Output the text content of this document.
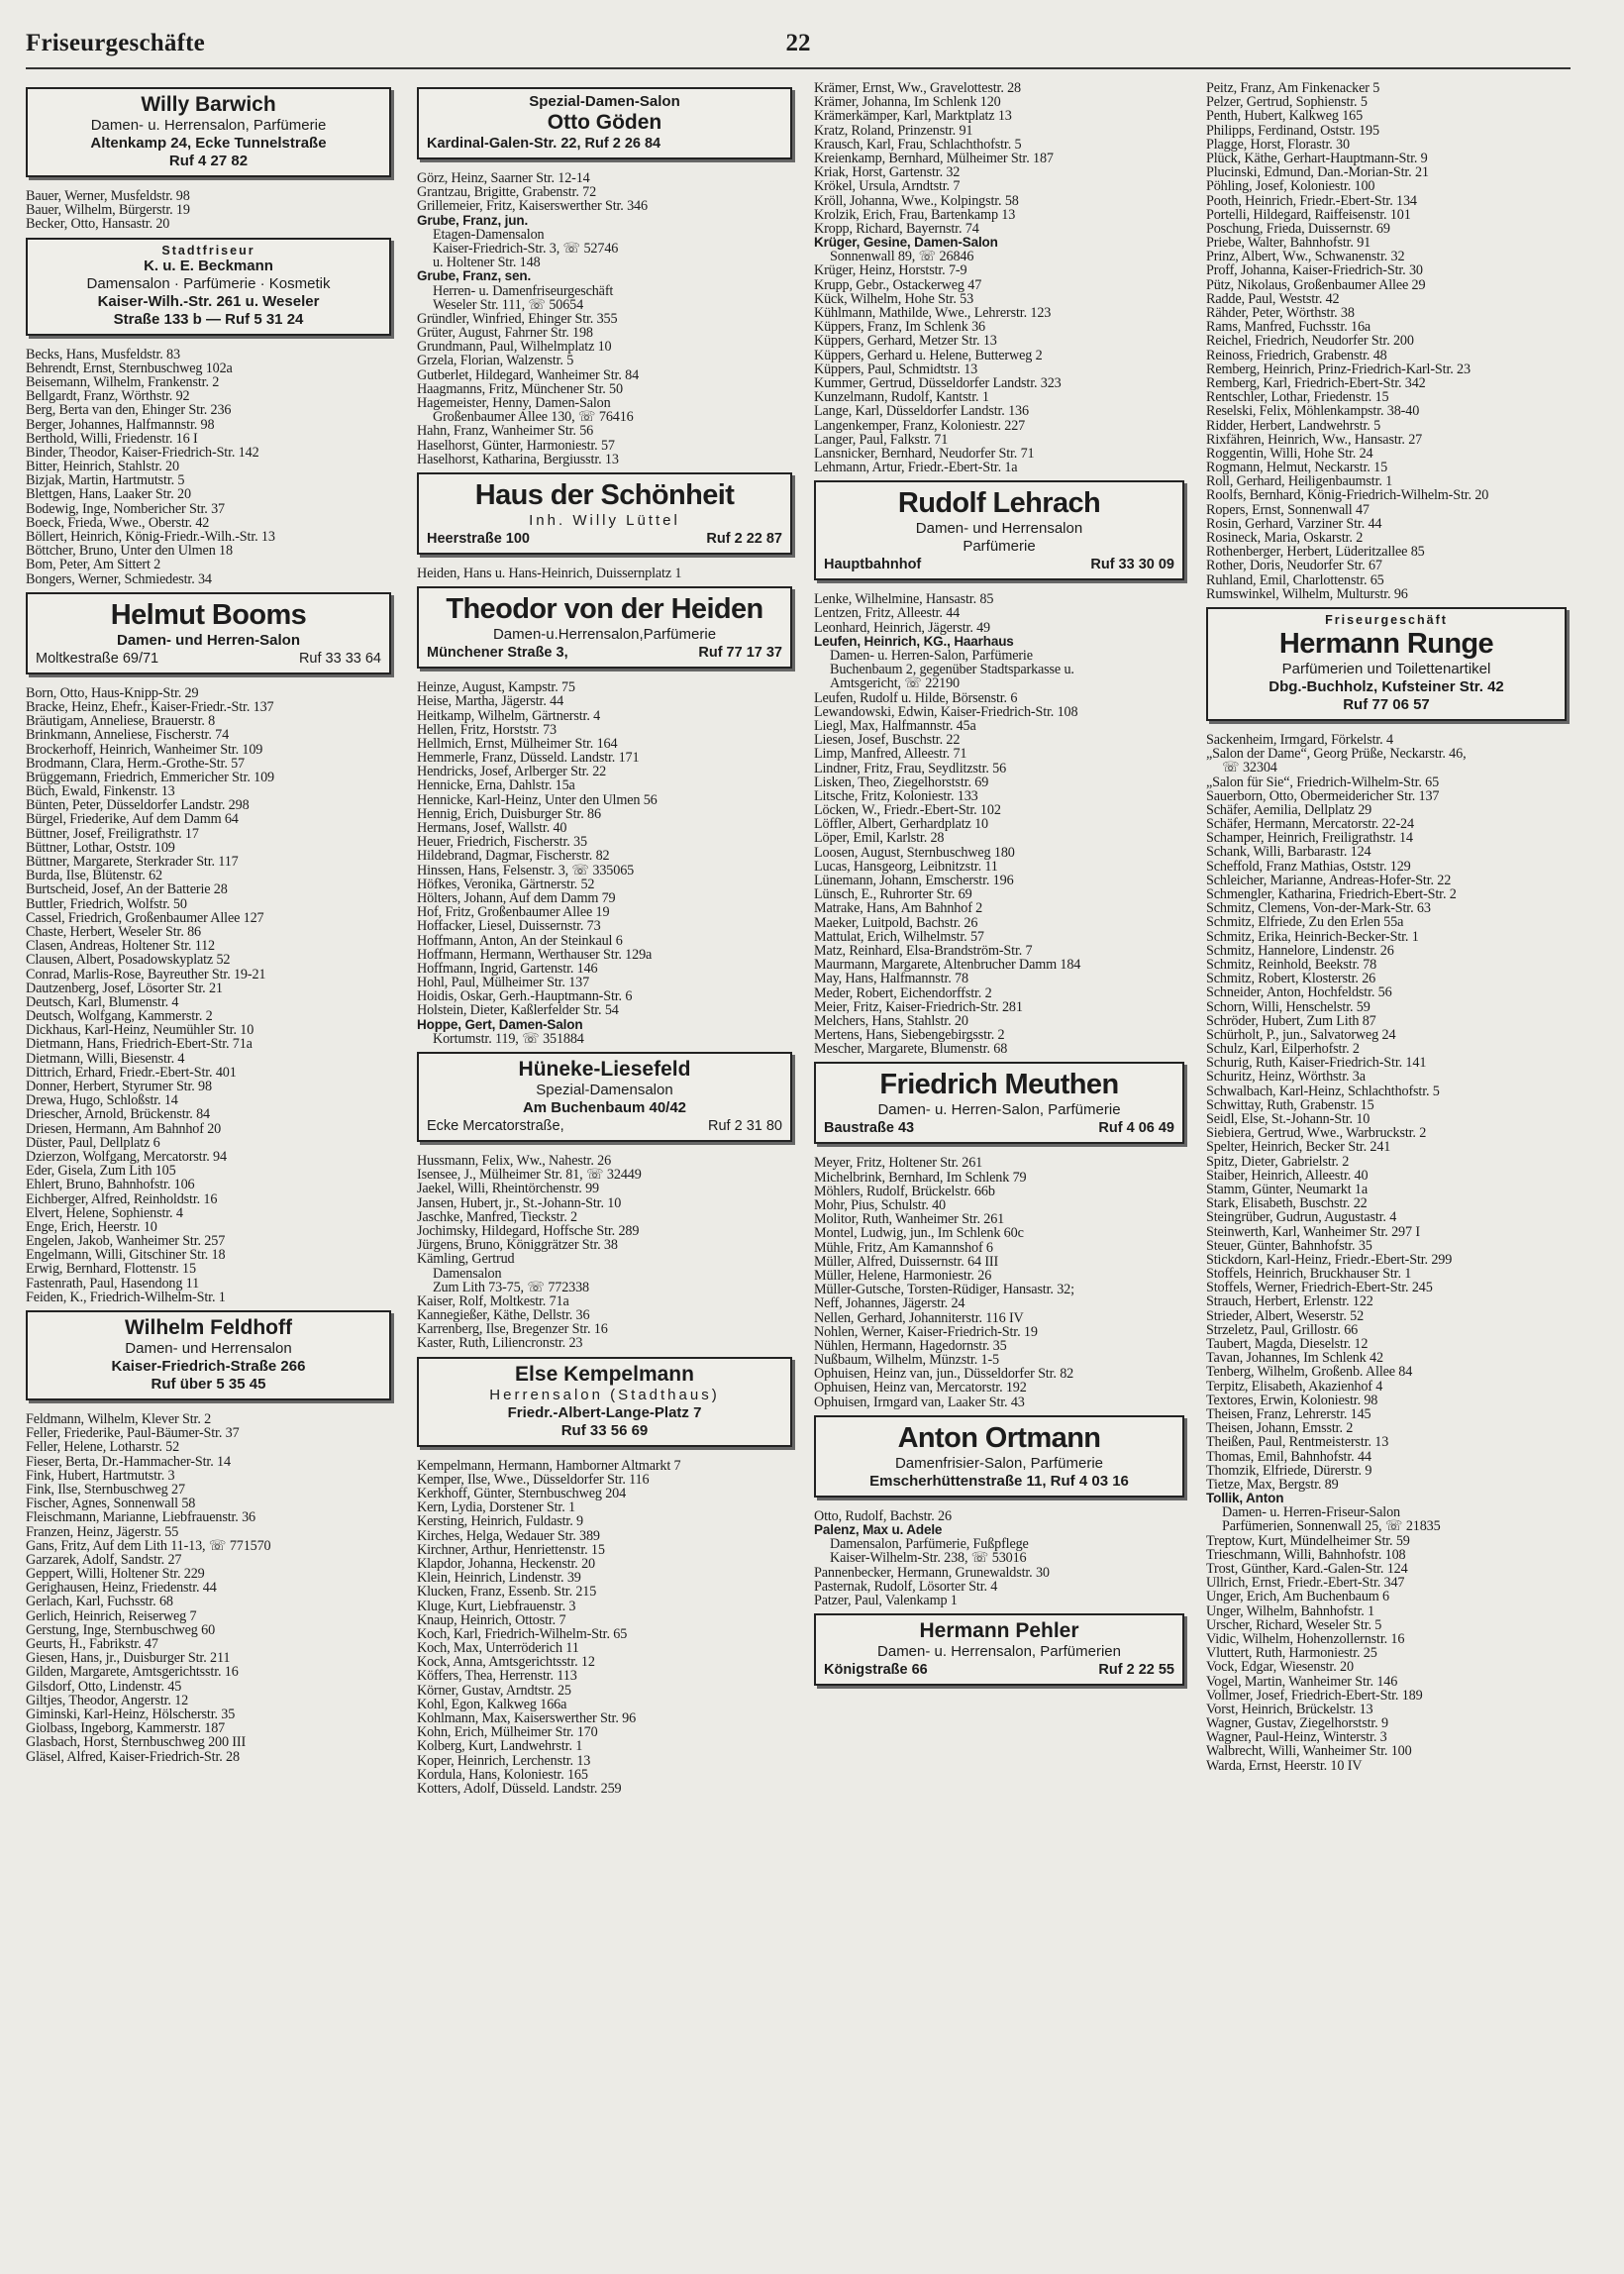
Friseurgeschäfte	22
Willy Barwich
Damen- u. Herrensalon, Parfümerie
Altenkamp 24, Ecke Tunnelstraße
Ruf 4 27 82
Bauer, Werner, Musfeldstr. 98
Bauer, Wilhelm, Bürgerstr. 19
Becker, Otto, Hansastr. 20
Stadtfriseur
K. u. E. Beckmann
Damensalon · Parfümerie · Kosmetik
Kaiser-Wilh.-Str. 261 u. Weseler
Straße 133 b — Ruf 5 31 24
Becks, Hans, Musfeldstr. 83
Behrendt, Ernst, Sternbuschweg 102a
Beisemann, Wilhelm, Frankenstr. 2
Bellgardt, Franz, Wörthstr. 92
Berg, Berta van den, Ehinger Str. 236
Berger, Johannes, Halfmannstr. 98
Berthold, Willi, Friedenstr. 16 I
Binder, Theodor, Kaiser-Friedrich-Str. 142
Bitter, Heinrich, Stahlstr. 20
Bizjak, Martin, Hartmutstr. 5
Blettgen, Hans, Laaker Str. 20
Bodewig, Inge, Nombericher Str. 37
Boeck, Frieda, Wwe., Oberstr. 42
Böllert, Heinrich, König-Friedr.-Wilh.-Str. 13
Böttcher, Bruno, Unter den Ulmen 18
Bom, Peter, Am Sittert 2
Bongers, Werner, Schmiedestr. 34
Helmut Booms
Damen- und Herren-Salon
Moltkestraße 69/71	Ruf 33 33 64
Born, Otto, Haus-Knipp-Str. 29
Bracke, Heinz, Ehefr., Kaiser-Friedr.-Str. 137
Bräutigam, Anneliese, Brauerstr. 8
Brinkmann, Anneliese, Fischerstr. 74
Brockerhoff, Heinrich, Wanheimer Str. 109
Brodmann, Clara, Herm.-Grothe-Str. 57
Brüggemann, Friedrich, Emmericher Str. 109
Büch, Ewald, Finkenstr. 13
Bünten, Peter, Düsseldorfer Landstr. 298
Bürgel, Friederike, Auf dem Damm 64
Büttner, Josef, Freiligrathstr. 17
Büttner, Lothar, Oststr. 109
Büttner, Margarete, Sterkrader Str. 117
Burda, Ilse, Blütenstr. 62
Burtscheid, Josef, An der Batterie 28
Buttler, Friedrich, Wolfstr. 50
Cassel, Friedrich, Großenbaumer Allee 127
Chaste, Herbert, Weseler Str. 86
Clasen, Andreas, Holtener Str. 112
Clausen, Albert, Posadowskyplatz 52
Conrad, Marlis-Rose, Bayreuther Str. 19-21
Dautzenberg, Josef, Lösorter Str. 21
Deutsch, Karl, Blumenstr. 4
Deutsch, Wolfgang, Kammerstr. 2
Dickhaus, Karl-Heinz, Neumühler Str. 10
Dietmann, Hans, Friedrich-Ebert-Str. 71a
Dietmann, Willi, Biesenstr. 4
Dittrich, Erhard, Friedr.-Ebert-Str. 401
Donner, Herbert, Styrumer Str. 98
Drewa, Hugo, Schloßstr. 14
Driescher, Arnold, Brückenstr. 84
Driesen, Hermann, Am Bahnhof 20
Düster, Paul, Dellplatz 6
Dzierzon, Wolfgang, Mercatorstr. 94
Eder, Gisela, Zum Lith 105
Ehlert, Bruno, Bahnhofstr. 106
Eichberger, Alfred, Reinholdstr. 16
Elvert, Helene, Sophienstr. 4
Enge, Erich, Heerstr. 10
Engelen, Jakob, Wanheimer Str. 257
Engelmann, Willi, Gitschiner Str. 18
Erwig, Bernhard, Flottenstr. 15
Fastenrath, Paul, Hasendong 11
Feiden, K., Friedrich-Wilhelm-Str. 1
Wilhelm Feldhoff
Damen- und Herrensalon
Kaiser-Friedrich-Straße 266
Ruf über 5 35 45
Feldmann, Wilhelm, Klever Str. 2
Feller, Friederike, Paul-Bäumer-Str. 37
Feller, Helene, Lotharstr. 52
Fieser, Berta, Dr.-Hammacher-Str. 14
Fink, Hubert, Hartmutstr. 3
Fink, Ilse, Sternbuschweg 27
Fischer, Agnes, Sonnenwall 58
Fleischmann, Marianne, Liebfrauenstr. 36
Franzen, Heinz, Jägerstr. 55
Gans, Fritz, Auf dem Lith 11-13, ☏ 771570
Garzarek, Adolf, Sandstr. 27
Geppert, Willi, Holtener Str. 229
Gerighausen, Heinz, Friedenstr. 44
Gerlach, Karl, Fuchsstr. 68
Gerlich, Heinrich, Reiserweg 7
Gerstung, Inge, Sternbuschweg 60
Geurts, H., Fabrikstr. 47
Giesen, Hans, jr., Duisburger Str. 211
Gilden, Margarete, Amtsgerichtsstr. 16
Gilsdorf, Otto, Lindenstr. 45
Giltjes, Theodor, Angerstr. 12
Giminski, Karl-Heinz, Hölscherstr. 35
Giolbass, Ingeborg, Kammerstr. 187
Glasbach, Horst, Sternbuschweg 200 III
Gläsel, Alfred, Kaiser-Friedrich-Str. 28
Spezial-Damen-Salon
Otto Göden
Kardinal-Galen-Str. 22, Ruf 2 26 84
Görz, Heinz, Saarner Str. 12-14
Grantzau, Brigitte, Grabenstr. 72
Grillemeier, Fritz, Kaiserswerther Str. 346
Grube, Franz, jun.
Etagen-Damensalon
Kaiser-Friedrich-Str. 3, ☏ 52746
u. Holtener Str. 148
Grube, Franz, sen.
Herren- u. Damenfriseurgeschäft
Weseler Str. 111, ☏ 50654
Gründler, Winfried, Ehinger Str. 355
Grüter, August, Fahrner Str. 198
Grundmann, Paul, Wilhelmplatz 10
Grzela, Florian, Walzenstr. 5
Gutberlet, Hildegard, Wanheimer Str. 84
Haagmanns, Fritz, Münchener Str. 50
Hagemeister, Henny, Damen-Salon
Großenbaumer Allee 130, ☏ 76416
Hahn, Franz, Wanheimer Str. 56
Haselhorst, Günter, Harmoniestr. 57
Haselhorst, Katharina, Bergiusstr. 13
Haus der Schönheit
Inh. Willy Lüttel
Heerstraße 100	Ruf 2 22 87
Heiden, Hans u. Hans-Heinrich, Duissernplatz 1
Theodor von der Heiden
Damen-u.Herrensalon,Parfümerie
Münchener Straße 3,	Ruf 77 17 37
Heinze, August, Kampstr. 75
Heise, Martha, Jägerstr. 44
Heitkamp, Wilhelm, Gärtnerstr. 4
Hellen, Fritz, Horststr. 73
Hellmich, Ernst, Mülheimer Str. 164
Hemmerle, Franz, Düsseld. Landstr. 171
Hendricks, Josef, Arlberger Str. 22
Hennicke, Erna, Dahlstr. 15a
Hennicke, Karl-Heinz, Unter den Ulmen 56
Hennig, Erich, Duisburger Str. 86
Hermans, Josef, Wallstr. 40
Heuer, Friedrich, Fischerstr. 35
Hildebrand, Dagmar, Fischerstr. 82
Hinssen, Hans, Felsenstr. 3, ☏ 335065
Höfkes, Veronika, Gärtnerstr. 52
Hölters, Johann, Auf dem Damm 79
Hof, Fritz, Großenbaumer Allee 19
Hoffacker, Liesel, Duissernstr. 73
Hoffmann, Anton, An der Steinkaul 6
Hoffmann, Hermann, Werthauser Str. 129a
Hoffmann, Ingrid, Gartenstr. 146
Hohl, Paul, Mülheimer Str. 137
Hoidis, Oskar, Gerh.-Hauptmann-Str. 6
Holstein, Dieter, Kaßlerfelder Str. 54
Hoppe, Gert, Damen-Salon
Kortumstr. 119, ☏ 351884
Hüneke-Liesefeld
Spezial-Damensalon
Am Buchenbaum 40/42
Ecke Mercatorstraße,	Ruf 2 31 80
Hussmann, Felix, Ww., Nahestr. 26
Isensee, J., Mülheimer Str. 81, ☏ 32449
Jaekel, Willi, Rheintörchenstr. 99
Jansen, Hubert, jr., St.-Johann-Str. 10
Jaschke, Manfred, Tieckstr. 2
Jochimsky, Hildegard, Hoffsche Str. 289
Jürgens, Bruno, Königgrätzer Str. 38
Kämling, Gertrud
Damensalon
Zum Lith 73-75, ☏ 772338
Kaiser, Rolf, Moltkestr. 71a
Kannegießer, Käthe, Dellstr. 36
Karrenberg, Ilse, Bregenzer Str. 16
Kaster, Ruth, Liliencronstr. 23
Else Kempelmann
Herrensalon (Stadthaus)
Friedr.-Albert-Lange-Platz 7
Ruf 33 56 69
Kempelmann, Hermann, Hamborner Altmarkt 7
Kemper, Ilse, Wwe., Düsseldorfer Str. 116
Kerkhoff, Günter, Sternbuschweg 204
Kern, Lydia, Dorstener Str. 1
Kersting, Heinrich, Fuldastr. 9
Kirches, Helga, Wedauer Str. 389
Kirchner, Arthur, Henriettenstr. 15
Klapdor, Johanna, Heckenstr. 20
Klein, Heinrich, Lindenstr. 39
Klucken, Franz, Essenb. Str. 215
Kluge, Kurt, Liebfrauenstr. 3
Knaup, Heinrich, Ottostr. 7
Koch, Karl, Friedrich-Wilhelm-Str. 65
Koch, Max, Unterröderich 11
Kock, Anna, Amtsgerichtsstr. 12
Köffers, Thea, Herrenstr. 113
Körner, Gustav, Arndtstr. 25
Kohl, Egon, Kalkweg 166a
Kohlmann, Max, Kaiserswerther Str. 96
Kohn, Erich, Mülheimer Str. 170
Kolberg, Kurt, Landwehrstr. 1
Koper, Heinrich, Lerchenstr. 13
Kordula, Hans, Koloniestr. 165
Kotters, Adolf, Düsseld. Landstr. 259
Krämer, Ernst, Ww., Gravelottestr. 28
Krämer, Johanna, Im Schlenk 120
Krämerkämper, Karl, Marktplatz 13
Kratz, Roland, Prinzenstr. 91
Krausch, Karl, Frau, Schlachthofstr. 5
Kreienkamp, Bernhard, Mülheimer Str. 187
Kriak, Horst, Gartenstr. 32
Krökel, Ursula, Arndtstr. 7
Kröll, Johanna, Wwe., Kolpingstr. 58
Krolzik, Erich, Frau, Bartenkamp 13
Kropp, Richard, Bayernstr. 74
Krüger, Gesine, Damen-Salon
Sonnenwall 89, ☏ 26846
Krüger, Heinz, Horststr. 7-9
Krupp, Gebr., Ostackerweg 47
Kück, Wilhelm, Hohe Str. 53
Kühlmann, Mathilde, Wwe., Lehrerstr. 123
Küppers, Franz, Im Schlenk 36
Küppers, Gerhard, Metzer Str. 13
Küppers, Gerhard u. Helene, Butterweg 2
Küppers, Paul, Schmidtstr. 13
Kummer, Gertrud, Düsseldorfer Landstr. 323
Kunzelmann, Rudolf, Kantstr. 1
Lange, Karl, Düsseldorfer Landstr. 136
Langenkemper, Franz, Koloniestr. 227
Langer, Paul, Falkstr. 71
Lansnicker, Bernhard, Neudorfer Str. 71
Lehmann, Artur, Friedr.-Ebert-Str. 1a
Rudolf Lehrach
Damen- und Herrensalon
Parfümerie
Hauptbahnhof	Ruf 33 30 09
Lenke, Wilhelmine, Hansastr. 85
Lentzen, Fritz, Alleestr. 44
Leonhard, Heinrich, Jägerstr. 49
Leufen, Heinrich, KG., Haarhaus
Damen- u. Herren-Salon, Parfümerie
Buchenbaum 2, gegenüber Stadtsparkasse u.
Amtsgericht, ☏ 22190
Leufen, Rudolf u. Hilde, Börsenstr. 6
Lewandowski, Edwin, Kaiser-Friedrich-Str. 108
Liegl, Max, Halfmannstr. 45a
Liesen, Josef, Buschstr. 22
Limp, Manfred, Alleestr. 71
Lindner, Fritz, Frau, Seydlitzstr. 56
Lisken, Theo, Ziegelhorststr. 69
Litsche, Fritz, Koloniestr. 133
Löcken, W., Friedr.-Ebert-Str. 102
Löffler, Albert, Gerhardplatz 10
Löper, Emil, Karlstr. 28
Loosen, August, Sternbuschweg 180
Lucas, Hansgeorg, Leibnitzstr. 11
Lünemann, Johann, Emscherstr. 196
Lünsch, E., Ruhrorter Str. 69
Matrake, Hans, Am Bahnhof 2
Maeker, Luitpold, Bachstr. 26
Mattulat, Erich, Wilhelmstr. 57
Matz, Reinhard, Elsa-Brandström-Str. 7
Maurmann, Margarete, Altenbrucher Damm 184
May, Hans, Halfmannstr. 78
Meder, Robert, Eichendorffstr. 2
Meier, Fritz, Kaiser-Friedrich-Str. 281
Melchers, Hans, Stahlstr. 20
Mertens, Hans, Siebengebirgsstr. 2
Mescher, Margarete, Blumenstr. 68
Friedrich Meuthen
Damen- u. Herren-Salon, Parfümerie
Baustraße 43	Ruf 4 06 49
Meyer, Fritz, Holtener Str. 261
Michelbrink, Bernhard, Im Schlenk 79
Möhlers, Rudolf, Brückelstr. 66b
Mohr, Pius, Schulstr. 40
Molitor, Ruth, Wanheimer Str. 261
Montel, Ludwig, jun., Im Schlenk 60c
Mühle, Fritz, Am Kamannshof 6
Müller, Alfred, Duissernstr. 64 III
Müller, Helene, Harmoniestr. 26
Müller-Gutsche, Torsten-Rüdiger, Hansastr. 32;
Neff, Johannes, Jägerstr. 24
Nellen, Gerhard, Johanniterstr. 116 IV
Nohlen, Werner, Kaiser-Friedrich-Str. 19
Nühlen, Hermann, Hagedornstr. 35
Nußbaum, Wilhelm, Münzstr. 1-5
Ophuisen, Heinz van, jun., Düsseldorfer Str. 82
Ophuisen, Heinz van, Mercatorstr. 192
Ophuisen, Irmgard van, Laaker Str. 43
Anton Ortmann
Damenfrisier-Salon, Parfümerie
Emscherhüttenstraße 11, Ruf 4 03 16
Otto, Rudolf, Bachstr. 26
Palenz, Max u. Adele
Damensalon, Parfümerie, Fußpflege
Kaiser-Wilhelm-Str. 238, ☏ 53016
Pannenbecker, Hermann, Grunewaldstr. 30
Pasternak, Rudolf, Lösorter Str. 4
Patzer, Paul, Valenkamp 1
Hermann Pehler
Damen- u. Herrensalon, Parfümerien
Königstraße 66	Ruf 2 22 55
Peitz, Franz, Am Finkenacker 5
Pelzer, Gertrud, Sophienstr. 5
Penth, Hubert, Kalkweg 165
Philipps, Ferdinand, Oststr. 195
Plagge, Horst, Florastr. 30
Plück, Käthe, Gerhart-Hauptmann-Str. 9
Plucinski, Edmund, Dan.-Morian-Str. 21
Pöhling, Josef, Koloniestr. 100
Pooth, Heinrich, Friedr.-Ebert-Str. 134
Portelli, Hildegard, Raiffeisenstr. 101
Poschung, Frieda, Duissernstr. 69
Priebe, Walter, Bahnhofstr. 91
Prinz, Albert, Ww., Schwanenstr. 32
Proff, Johanna, Kaiser-Friedrich-Str. 30
Pütz, Nikolaus, Großenbaumer Allee 29
Radde, Paul, Weststr. 42
Rähder, Peter, Wörthstr. 38
Rams, Manfred, Fuchsstr. 16a
Reichel, Friedrich, Neudorfer Str. 200
Reinoss, Friedrich, Grabenstr. 48
Remberg, Heinrich, Prinz-Friedrich-Karl-Str. 23
Remberg, Karl, Friedrich-Ebert-Str. 342
Rentschler, Lothar, Friedenstr. 15
Reselski, Felix, Möhlenkampstr. 38-40
Ridder, Herbert, Landwehrstr. 5
Rixfähren, Heinrich, Ww., Hansastr. 27
Roggentin, Willi, Hohe Str. 24
Rogmann, Helmut, Neckarstr. 15
Roll, Gerhard, Heiligenbaumstr. 1
Roolfs, Bernhard, König-Friedrich-Wilhelm-Str. 20
Ropers, Ernst, Sonnenwall 47
Rosin, Gerhard, Varziner Str. 44
Rosineck, Maria, Oskarstr. 2
Rothenberger, Herbert, Lüderitzallee 85
Rother, Doris, Neudorfer Str. 67
Ruhland, Emil, Charlottenstr. 65
Rumswinkel, Wilhelm, Multurstr. 96
Friseurgeschäft
Hermann Runge
Parfümerien und Toilettenartikel
Dbg.-Buchholz, Kufsteiner Str. 42
Ruf 77 06 57
Sackenheim, Irmgard, Förkelstr. 4
„Salon der Dame“, Georg Prüße, Neckarstr. 46,
☏ 32304
„Salon für Sie“, Friedrich-Wilhelm-Str. 65
Sauerborn, Otto, Obermeidericher Str. 137
Schäfer, Aemilia, Dellplatz 29
Schäfer, Hermann, Mercatorstr. 22-24
Schamper, Heinrich, Freiligrathstr. 14
Schank, Willi, Barbarastr. 124
Scheffold, Franz Mathias, Oststr. 129
Schleicher, Marianne, Andreas-Hofer-Str. 22
Schmengler, Katharina, Friedrich-Ebert-Str. 2
Schmitz, Clemens, Von-der-Mark-Str. 63
Schmitz, Elfriede, Zu den Erlen 55a
Schmitz, Erika, Heinrich-Becker-Str. 1
Schmitz, Hannelore, Lindenstr. 26
Schmitz, Reinhold, Beekstr. 78
Schmitz, Robert, Klosterstr. 26
Schneider, Anton, Hochfeldstr. 56
Schorn, Willi, Henschelstr. 59
Schröder, Hubert, Zum Lith 87
Schürholt, P., jun., Salvatorweg 24
Schulz, Karl, Eilperhofstr. 2
Schurig, Ruth, Kaiser-Friedrich-Str. 141
Schuritz, Heinz, Wörthstr. 3a
Schwalbach, Karl-Heinz, Schlachthofstr. 5
Schwittay, Ruth, Grabenstr. 15
Seidl, Else, St.-Johann-Str. 10
Siebiera, Gertrud, Wwe., Warbruckstr. 2
Spelter, Heinrich, Becker Str. 241
Spitz, Dieter, Gabrielstr. 2
Staiber, Heinrich, Alleestr. 40
Stamm, Günter, Neumarkt 1a
Stark, Elisabeth, Buschstr. 22
Steingrüber, Gudrun, Augustastr. 4
Steinwerth, Karl, Wanheimer Str. 297 I
Steuer, Günter, Bahnhofstr. 35
Stickdorn, Karl-Heinz, Friedr.-Ebert-Str. 299
Stoffels, Heinrich, Bruckhauser Str. 1
Stoffels, Werner, Friedrich-Ebert-Str. 245
Strauch, Herbert, Erlenstr. 122
Strieder, Albert, Weserstr. 52
Strzeletz, Paul, Grillostr. 66
Taubert, Magda, Dieselstr. 12
Tavan, Johannes, Im Schlenk 42
Tenberg, Wilhelm, Großenb. Allee 84
Terpitz, Elisabeth, Akazienhof 4
Textores, Erwin, Koloniestr. 98
Theisen, Franz, Lehrerstr. 145
Theisen, Johann, Emsstr. 2
Theißen, Paul, Rentmeisterstr. 13
Thomas, Emil, Bahnhofstr. 44
Thomzik, Elfriede, Dürerstr. 9
Tietze, Max, Bergstr. 89
Tollik, Anton
Damen- u. Herren-Friseur-Salon
Parfümerien, Sonnenwall 25, ☏ 21835
Treptow, Kurt, Mündelheimer Str. 59
Trieschmann, Willi, Bahnhofstr. 108
Trost, Günther, Kard.-Galen-Str. 124
Ullrich, Ernst, Friedr.-Ebert-Str. 347
Unger, Erich, Am Buchenbaum 6
Unger, Wilhelm, Bahnhofstr. 1
Urscher, Richard, Weseler Str. 5
Vidic, Wilhelm, Hohenzollernstr. 16
Vluttert, Ruth, Harmoniestr. 25
Vock, Edgar, Wiesenstr. 20
Vogel, Martin, Wanheimer Str. 146
Vollmer, Josef, Friedrich-Ebert-Str. 189
Vorst, Heinrich, Brückelstr. 13
Wagner, Gustav, Ziegelhorststr. 9
Wagner, Paul-Heinz, Winterstr. 3
Walbrecht, Willi, Wanheimer Str. 100
Warda, Ernst, Heerstr. 10 IV
